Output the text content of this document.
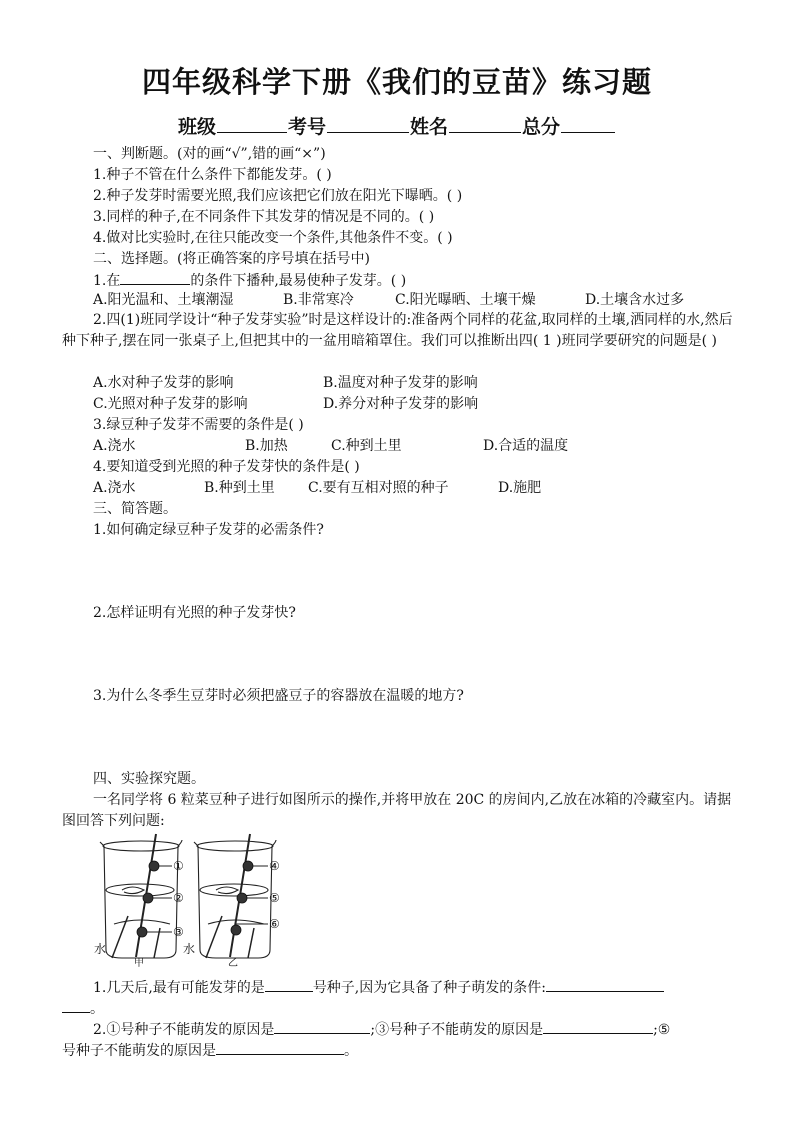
四年级科学下册《我们的豆苗》练习题
班级	考号	姓名	总分
一、判断题。(对的画“√”,错的画“×”)
1.种子不管在什么条件下都能发芽。( )
2.种子发芽时需要光照,我们应该把它们放在阳光下曝晒。( )
3.同样的种子,在不同条件下其发芽的情况是不同的。( )
4.做对比实验时,在往只能改变一个条件,其他条件不变。( )
二、选择题。(将正确答案的序号填在括号中)
1.在	的条件下播种,最易使种子发芽。( )
A.阳光温和、土壤潮湿	B.非常寒冷	C.阳光曝晒、土壤干燥	D.土壤含水过多
2.四(1)班同学设计“种子发芽实验”时是这样设计的:准备两个同样的花盆,取同样的土壤,洒同样的水,然后种下种子,摆在同一张桌子上,但把其中的一盆用暗箱罩住。我们可以推断出四( 1 )班同学要研究的问题是( )
A.水对种子发芽的影响	B.温度对种子发芽的影响
C.光照对种子发芽的影响	D.养分对种子发芽的影响
3.绿豆种子发芽不需要的条件是( )
A.浇水	B.加热	C.种到土里	D.合适的温度
4.要知道受到光照的种子发芽快的条件是( )
A.浇水	B.种到土里 C.要有互相对照的种子	D.施肥
三、简答题。
1.如何确定绿豆种子发芽的必需条件?
2.怎样证明有光照的种子发芽快?
3.为什么冬季生豆芽时必须把盛豆子的容器放在温暖的地方?
四、实验探究题。
一名同学将 6 粒菜豆种子进行如图所示的操作,并将甲放在 20C 的房间内,乙放在冰箱的冷藏室内。请据图回答下列问题:
①
②
③
④
⑤
⑥
水	水
甲	乙
1.几天后,最有可能发芽的是	号种子,因为它具备了种子萌发的条件:
。
2.①号种子不能萌发的原因是	;③号种子不能萌发的原因是	;⑤
号种子不能萌发的原因是	。
